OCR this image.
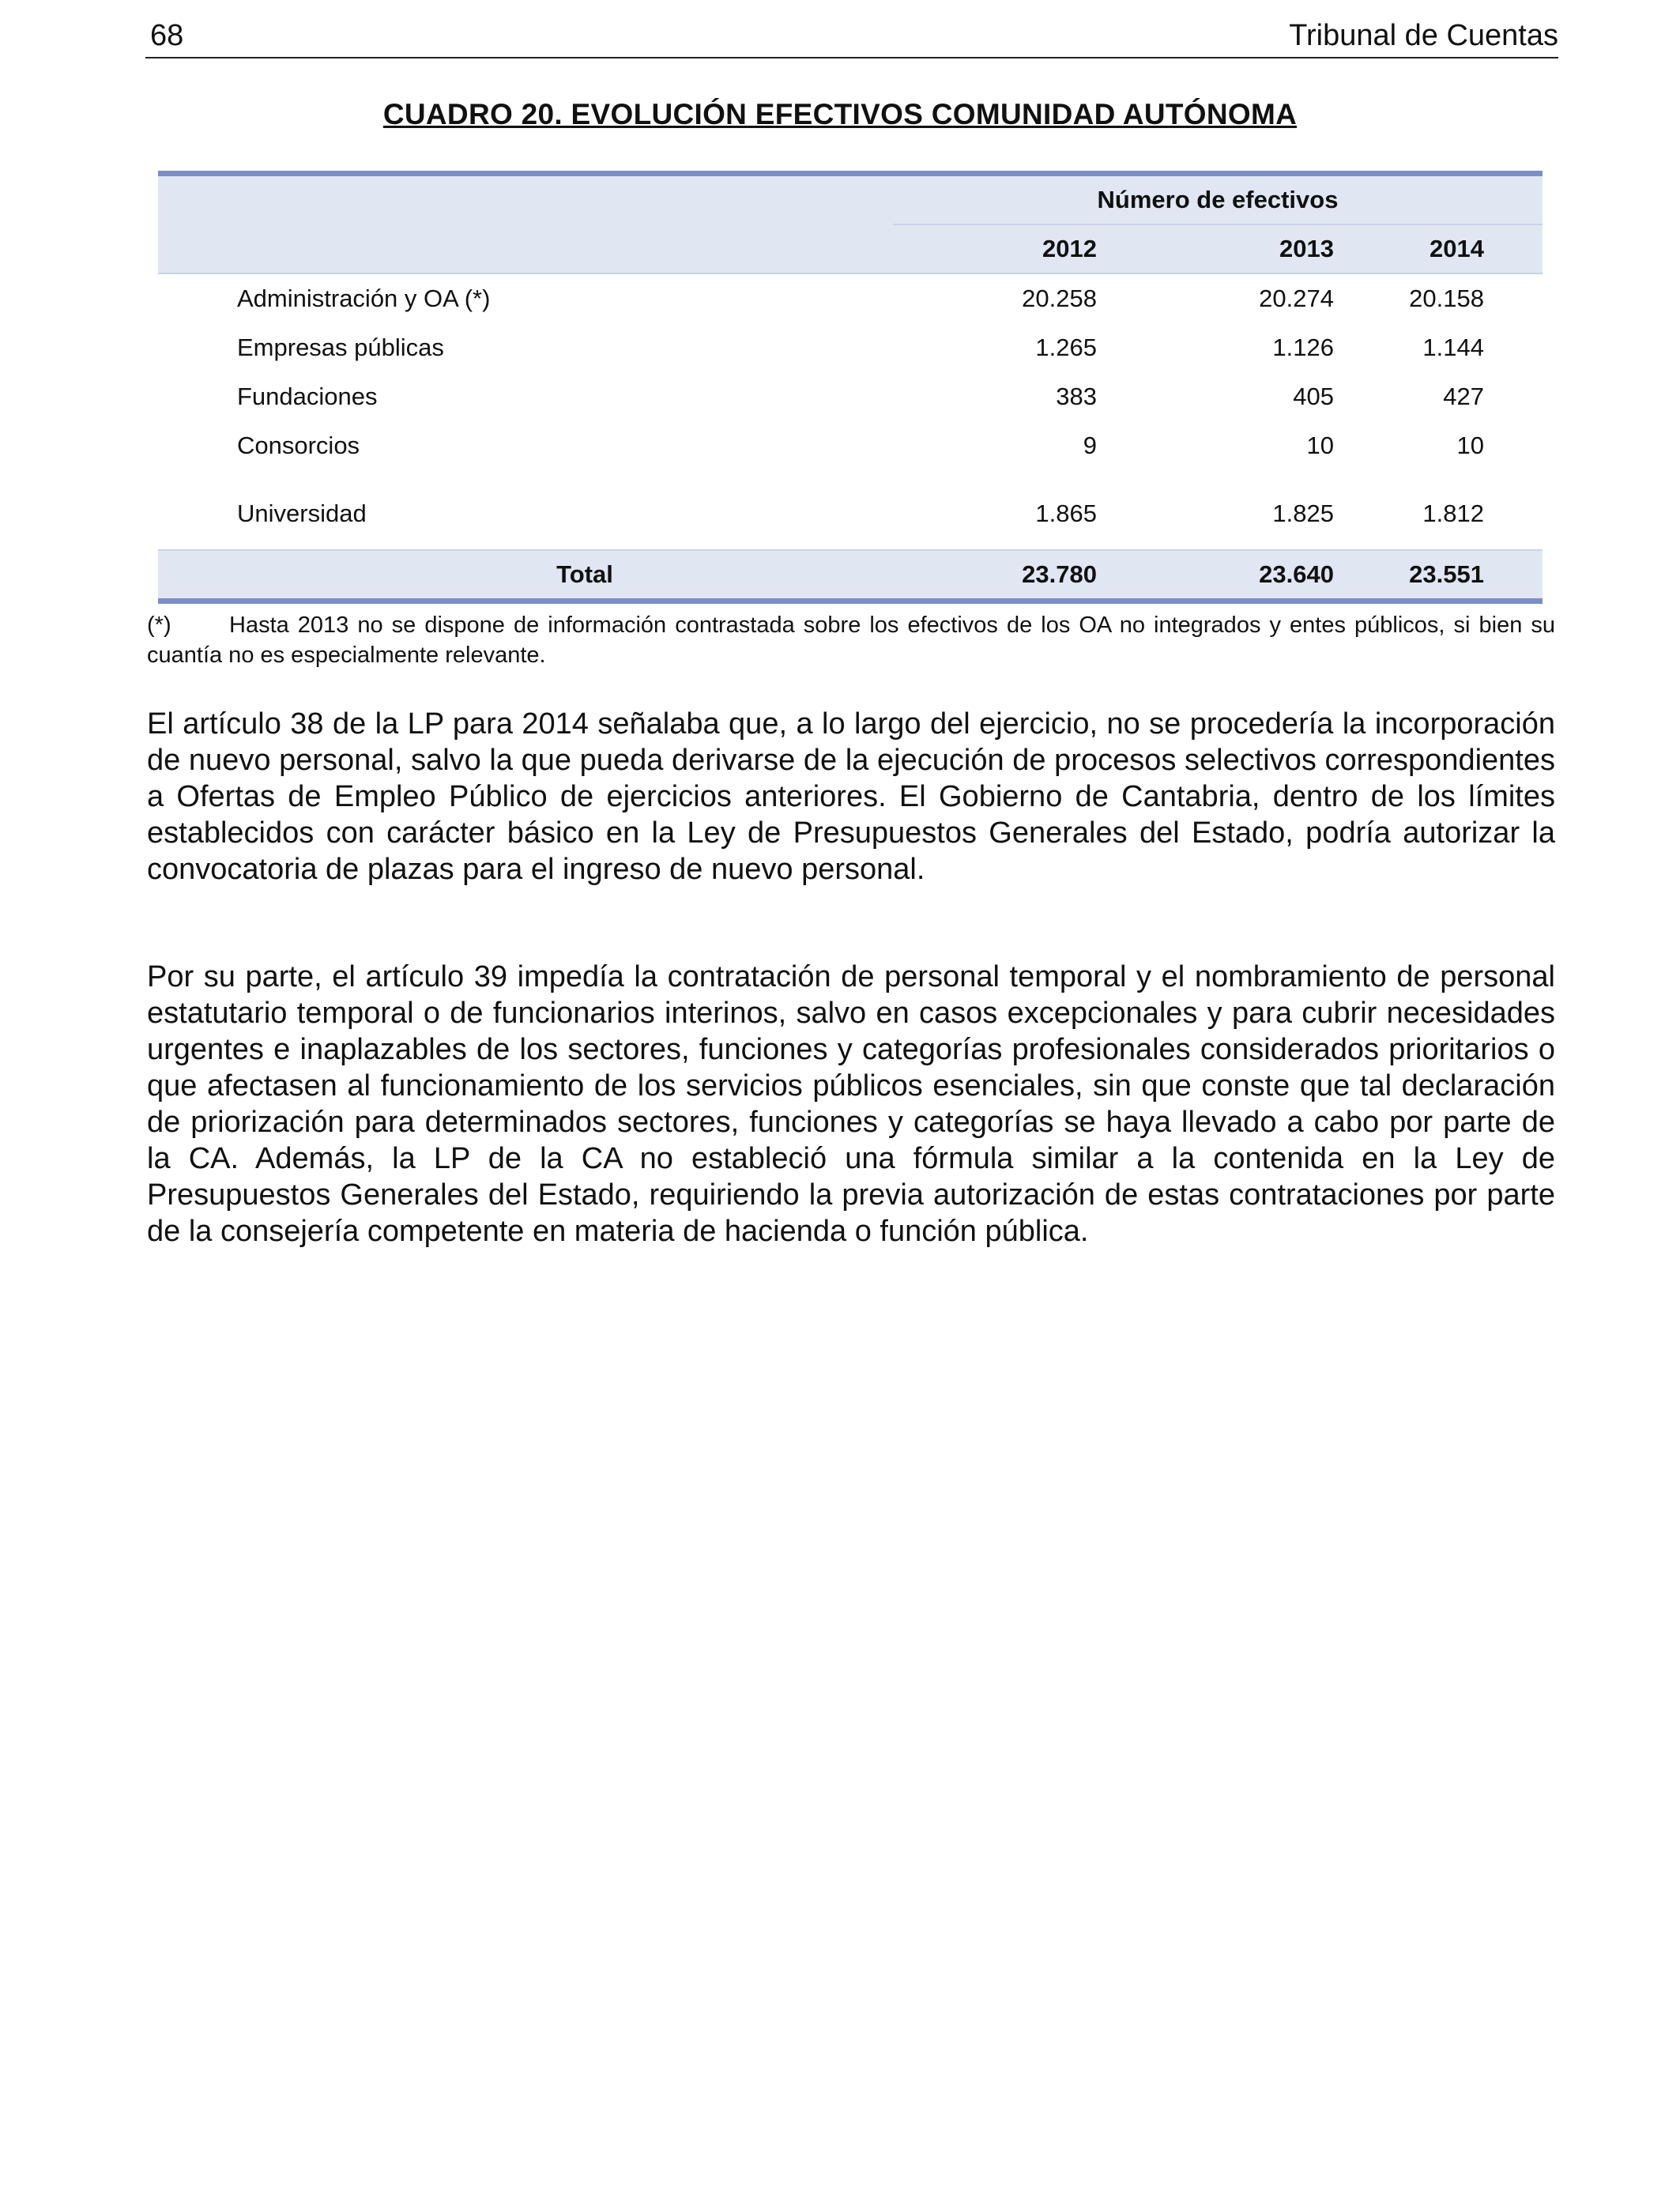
68	Tribunal de Cuentas
CUADRO 20. EVOLUCIÓN EFECTIVOS COMUNIDAD AUTÓNOMA

	Número de efectivos		
	2012	2013	2014
Administración y OA (*)	20.258	20.274	20.158
Empresas públicas	1.265	1.126	1.144
Fundaciones	383	405	427
Consorcios	9	10	10
Universidad	1.865	1.825	1.812
Total	23.780	23.640	23.551

(*)	Hasta 2013 no se dispone de información contrastada sobre los efectivos de los OA no integrados y entes públicos, si bien su cuantía no es especialmente relevante.
El artículo 38 de la LP para 2014 señalaba que, a lo largo del ejercicio, no se procedería la incorporación de nuevo personal, salvo la que pueda derivarse de la ejecución de procesos selectivos correspondientes a Ofertas de Empleo Público de ejercicios anteriores. El Gobierno de Cantabria, dentro de los límites establecidos con carácter básico en la Ley de Presupuestos Generales del Estado, podría autorizar la convocatoria de plazas para el ingreso de nuevo personal.
Por su parte, el artículo 39 impedía la contratación de personal temporal y el nombramiento de personal estatutario temporal o de funcionarios interinos, salvo en casos excepcionales y para cubrir necesidades urgentes e inaplazables de los sectores, funciones y categorías profesionales considerados prioritarios o que afectasen al funcionamiento de los servicios públicos esenciales, sin que conste que tal declaración de priorización para determinados sectores, funciones y categorías se haya llevado a cabo por parte de la CA. Además, la LP de la CA no estableció una fórmula similar a la contenida en la Ley de Presupuestos Generales del Estado, requiriendo la previa autorización de estas contrataciones por parte de la consejería competente en materia de hacienda o función pública.
